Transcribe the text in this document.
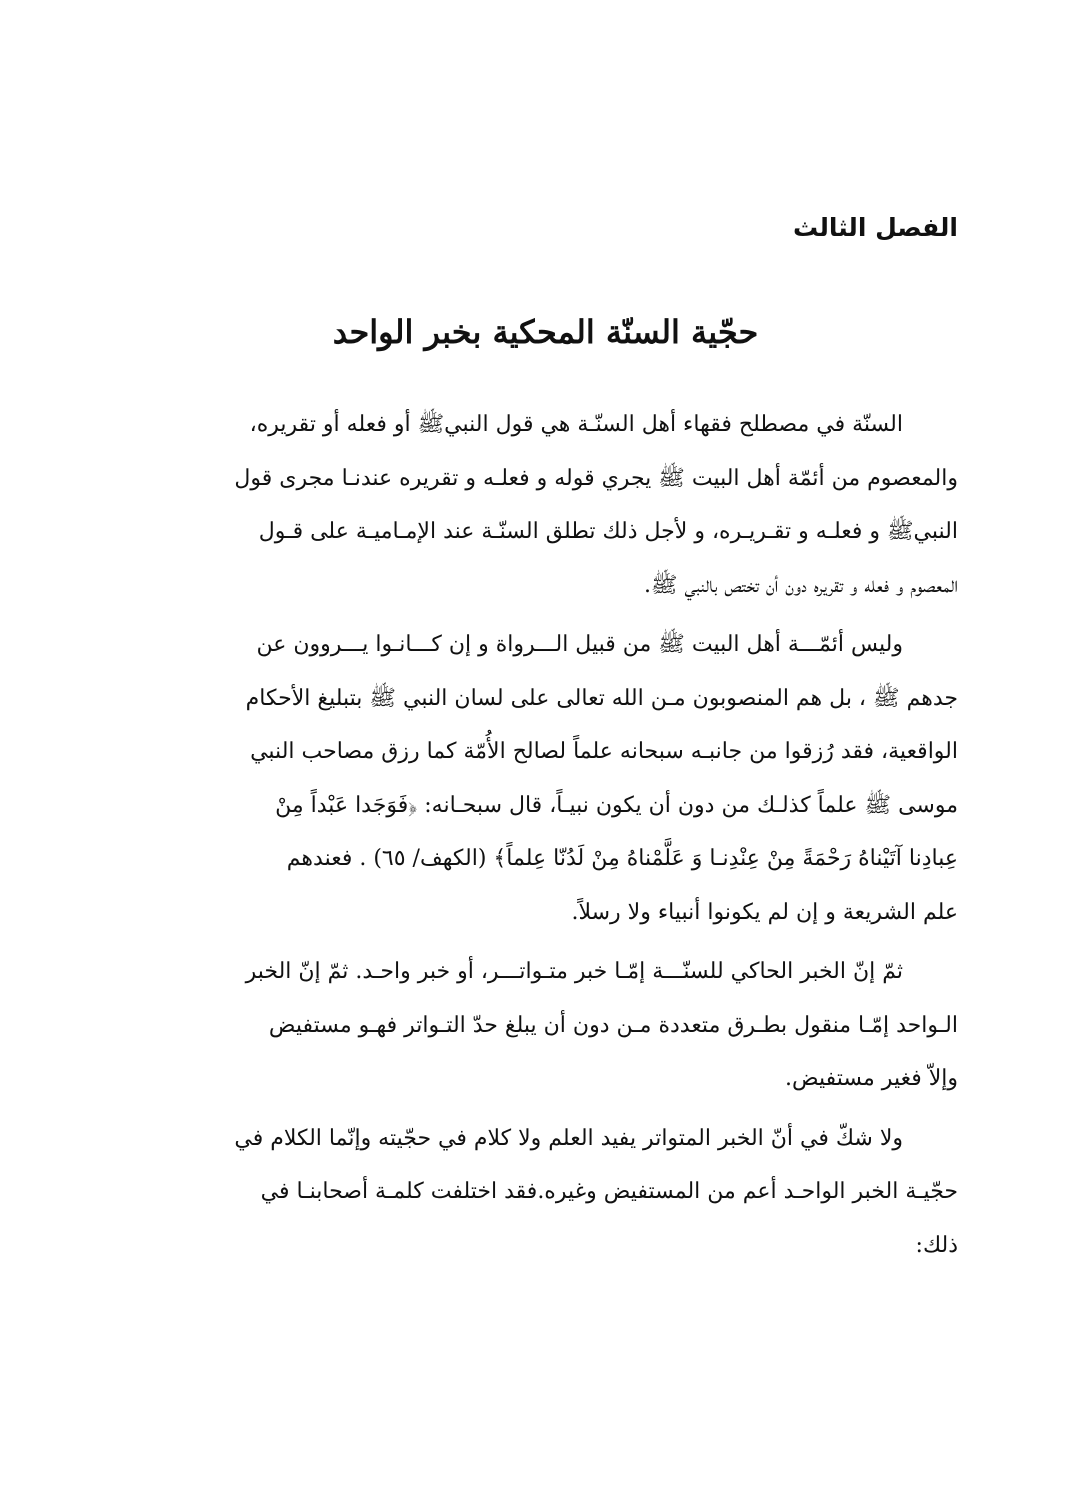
الفصل الثالث
حجّية السنّة المحكية بخبر الواحد

السنّة في مصطلح فقهاء أهل السنّـة هي قول النبيﷺ أو فعله أو تقريره،
والمعصوم من أئمّة أهل البيت ﷺ يجري قوله و فعلـه و تقريره عندنـا مجرى قول
النبيﷺ و فعلـه و تقـريـره، و لأجل ذلك تطلق السنّـة عند الإمـاميـة على قـول
المعصوم و فعله و تقريره دون أن تختص بالنبي ﷺ.

وليس أئمّـــة أهل البيت ﷺ من قبيل الـــرواة و إن كـــانـوا يـــروون عن
جدهم ﷺ ، بل هم المنصوبون مـن الله تعالى على لسان النبي ﷺ بتبليغ الأحكام
الواقعية، فقد رُزقوا من جانبـه سبحانه علماً لصالح الأُمّة كما رزق مصاحب النبي
موسى ﷺ علماً كذلـك من دون أن يكون نبيـاً، قال سبحـانه: ﴿فَوَجَدا عَبْداً مِنْ
عِبادِنا آتَيْناهُ رَحْمَةً مِنْ عِنْدِنـا وَ عَلَّمْناهُ مِنْ لَدُنّا عِلماً﴾ (الكهف/ ٦٥) . فعندهم
علم الشريعة و إن لم يكونوا أنبياء ولا رسلاً.

ثمّ إنّ الخبر الحاكي للسنّـــة إمّـا خبر متـواتـــر، أو خبر واحـد. ثمّ إنّ الخبر
الـواحد إمّـا منقول بطـرق متعددة مـن دون أن يبلغ حدّ التـواتر فهـو مستفيض
وإلاّ فغير مستفيض.

ولا شكّ في أنّ الخبر المتواتر يفيد العلم ولا كلام في حجّيته وإنّما الكلام في
حجّيـة الخبر الواحـد أعم من المستفيض وغيره.فقد اختلفت كلمـة أصحابنـا في
ذلك:
